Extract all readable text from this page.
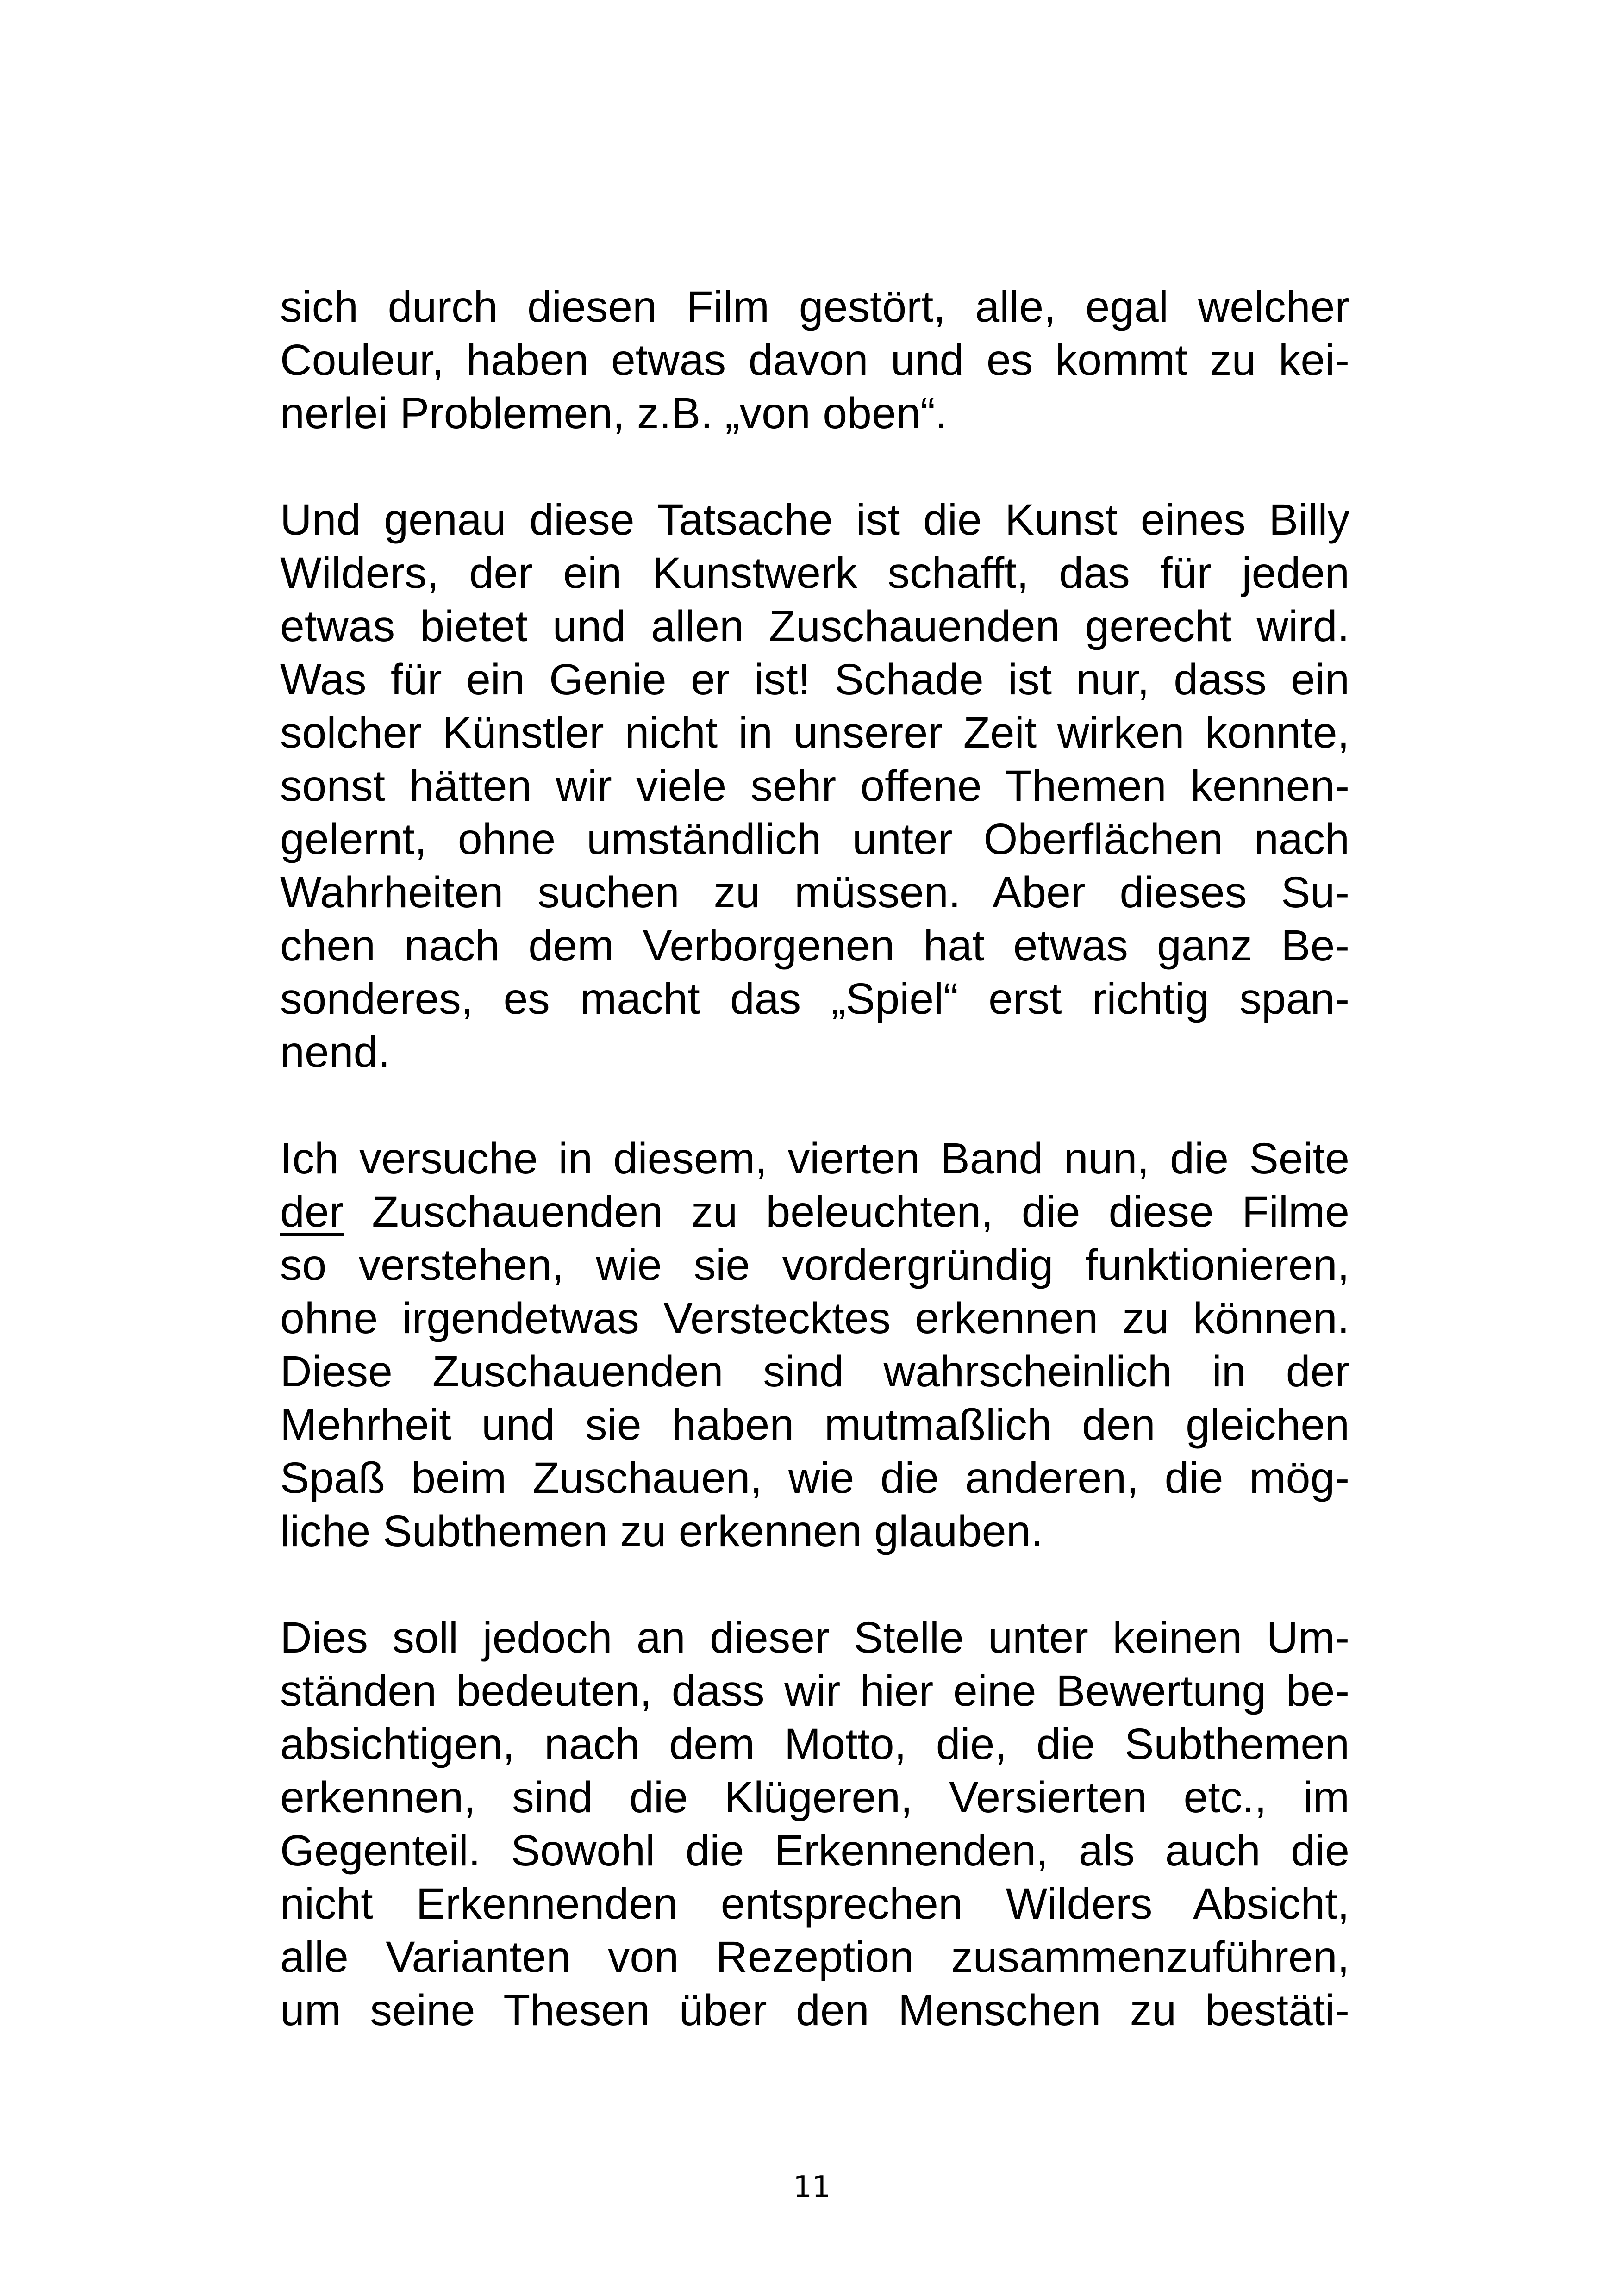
sich durch diesen Film gestört, alle, egal welcher
Couleur, haben etwas davon und es kommt zu kei-
nerlei Problemen, z.B. „von oben“.
Und genau diese Tatsache ist die Kunst eines Billy
Wilders, der ein Kunstwerk schafft, das für jeden
etwas bietet und allen Zuschauenden gerecht wird.
Was für ein Genie er ist! Schade ist nur, dass ein
solcher Künstler nicht in unserer Zeit wirken konnte,
sonst hätten wir viele sehr offene Themen kennen-
gelernt, ohne umständlich unter Oberflächen nach
Wahrheiten suchen zu müssen. Aber dieses Su-
chen nach dem Verborgenen hat etwas ganz Be-
sonderes, es macht das „Spiel“ erst richtig span-
nend.
Ich versuche in diesem, vierten Band nun, die Seite
der Zuschauenden zu beleuchten, die diese Filme
so verstehen, wie sie vordergründig funktionieren,
ohne irgendetwas Verstecktes erkennen zu können.
Diese Zuschauenden sind wahrscheinlich in der
Mehrheit und sie haben mutmaßlich den gleichen
Spaß beim Zuschauen, wie die anderen, die mög-
liche Subthemen zu erkennen glauben.
Dies soll jedoch an dieser Stelle unter keinen Um-
ständen bedeuten, dass wir hier eine Bewertung be-
absichtigen, nach dem Motto, die, die Subthemen
erkennen, sind die Klügeren, Versierten etc., im
Gegenteil. Sowohl die Erkennenden, als auch die
nicht Erkennenden entsprechen Wilders Absicht,
alle Varianten von Rezeption zusammenzuführen,
um seine Thesen über den Menschen zu bestäti-
11
